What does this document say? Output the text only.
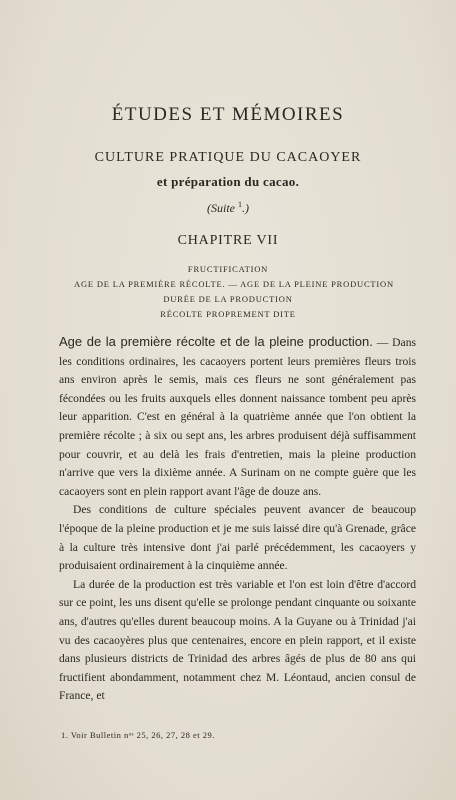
ÉTUDES ET MÉMOIRES
CULTURE PRATIQUE DU CACAOYER
et préparation du cacao.
(Suite $^1$.)
CHAPITRE VII
FRUCTIFICATION
AGE DE LA PREMIÈRE RÉCOLTE. — AGE DE LA PLEINE PRODUCTION
DURÉE DE LA PRODUCTION
RÉCOLTE PROPREMENT DITE

Age de la première récolte et de la pleine production. — Dans les conditions ordinaires, les cacaoyers portent leurs premières fleurs trois ans environ après le semis, mais ces fleurs ne sont généralement pas fécondées ou les fruits auxquels elles donnent naissance tombent peu après leur apparition. C'est en général à la quatrième année que l'on obtient la première récolte ; à six ou sept ans, les arbres produisent déjà suffisamment pour couvrir, et au delà les frais d'entretien, mais la pleine production n'arrive que vers la dixième année. A Surinam on ne compte guère que les cacaoyers sont en plein rapport avant l'âge de douze ans.

Des conditions de culture spéciales peuvent avancer de beaucoup l'époque de la pleine production et je me suis laissé dire qu'à Grenade, grâce à la culture très intensive dont j'ai parlé précédemment, les cacaoyers y produisaient ordinairement à la cinquième année.

La durée de la production est très variable et l'on est loin d'être d'accord sur ce point, les uns disent qu'elle se prolonge pendant cinquante ou soixante ans, d'autres qu'elles durent beaucoup moins. A la Guyane ou à Trinidad j'ai vu des cacaoyères plus que centenaires, encore en plein rapport, et il existe dans plusieurs districts de Trinidad des arbres âgés de plus de 80 ans qui fructifient abondamment, notamment chez M. Léontaud, ancien consul de France, et

1. Voir Bulletin nᵒˢ 25, 26, 27, 28 et 29.
